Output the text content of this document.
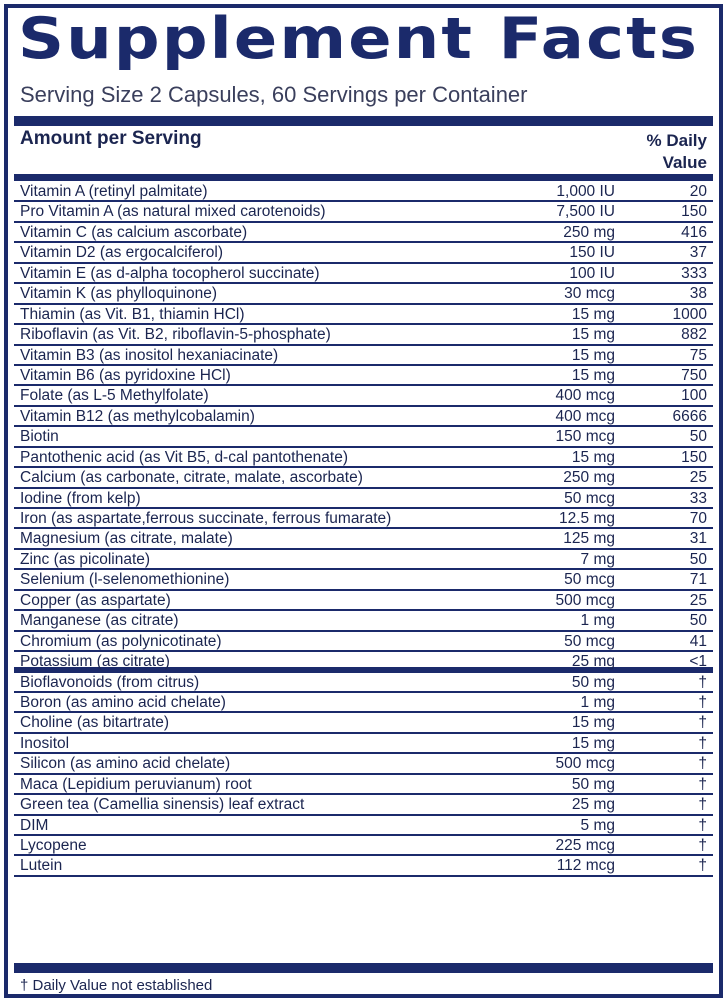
Supplement Facts
Serving Size 2 Capsules, 60 Servings per Container
Amount per Serving	% Daily
Value
Vitamin A (retinyl palmitate)	1,000 IU	20
Pro Vitamin A (as natural mixed carotenoids)	7,500 IU	150
Vitamin C (as calcium ascorbate)	250 mg	416
Vitamin D2 (as ergocalciferol)	150 IU	37
Vitamin E (as d-alpha tocopherol succinate)	100 IU	333
Vitamin K (as phylloquinone)	30 mcg	38
Thiamin (as Vit. B1, thiamin HCl)	15 mg	1000
Riboflavin (as Vit. B2, riboflavin-5-phosphate)	15 mg	882
Vitamin B3 (as inositol hexaniacinate)	15 mg	75
Vitamin B6 (as pyridoxine HCl)	15 mg	750
Folate (as L-5 Methylfolate)	400 mcg	100
Vitamin B12 (as methylcobalamin)	400 mcg	6666
Biotin	150 mcg	50
Pantothenic acid (as Vit B5, d-cal pantothenate)	15 mg	150
Calcium (as carbonate, citrate, malate, ascorbate)	250 mg	25
Iodine (from kelp)	50 mcg	33
Iron (as aspartate,ferrous succinate, ferrous fumarate)	12.5 mg	70
Magnesium (as citrate, malate)	125 mg	31
Zinc (as picolinate)	7 mg	50
Selenium (l-selenomethionine)	50 mcg	71
Copper (as aspartate)	500 mcg	25
Manganese (as citrate)	1 mg	50
Chromium (as polynicotinate)	50 mcg	41
Potassium (as citrate)	25 mg	<1
Bioflavonoids (from citrus)	50 mg	†
Boron (as amino acid chelate)	1 mg	†
Choline (as bitartrate)	15 mg	†
Inositol	15 mg	†
Silicon (as amino acid chelate)	500 mcg	†
Maca (Lepidium peruvianum) root	50 mg	†
Green tea (Camellia sinensis) leaf extract	25 mg	†
DIM	5 mg	†
Lycopene	225 mcg	†
Lutein	112 mcg	†
† Daily Value not established
